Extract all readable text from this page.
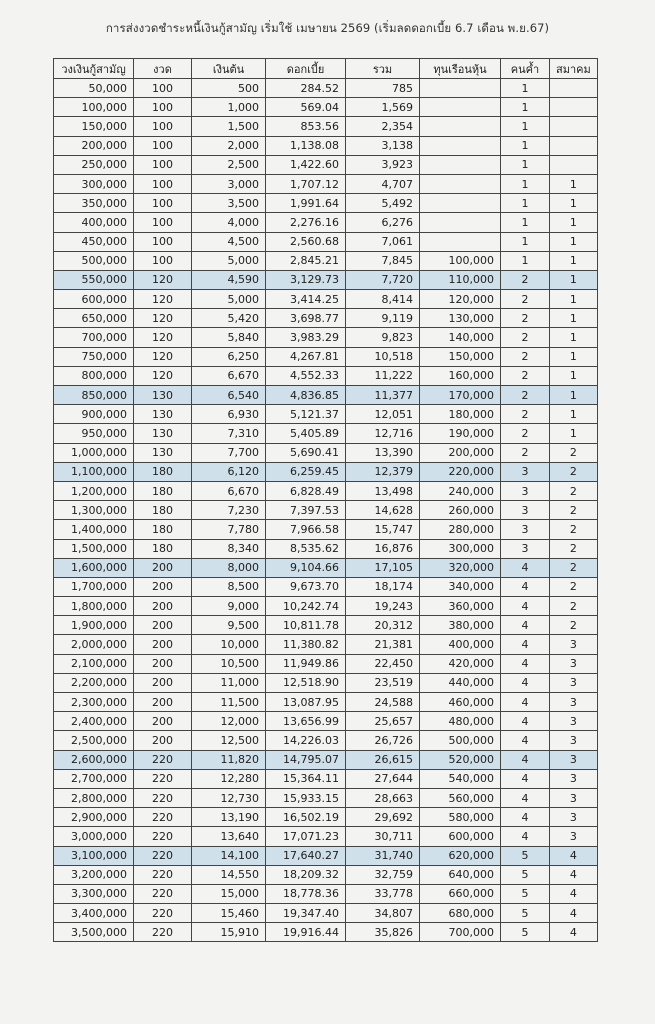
การส่งงวดชำระหนี้เงินกู้สามัญ เริ่มใช้ เมษายน 2569 (เริ่มลดดอกเบี้ย 6.7 เดือน พ.ย.67)
วงเงินกู้สามัญ	งวด	เงินต้น	ดอกเบี้ย	รวม	ทุนเรือนหุ้น	คนค้ำ	สมาคม
50,000	100	500	284.52	785		1	
100,000	100	1,000	569.04	1,569		1	
150,000	100	1,500	853.56	2,354		1	
200,000	100	2,000	1,138.08	3,138		1	
250,000	100	2,500	1,422.60	3,923		1	
300,000	100	3,000	1,707.12	4,707		1	1
350,000	100	3,500	1,991.64	5,492		1	1
400,000	100	4,000	2,276.16	6,276		1	1
450,000	100	4,500	2,560.68	7,061		1	1
500,000	100	5,000	2,845.21	7,845	100,000	1	1
550,000	120	4,590	3,129.73	7,720	110,000	2	1
600,000	120	5,000	3,414.25	8,414	120,000	2	1
650,000	120	5,420	3,698.77	9,119	130,000	2	1
700,000	120	5,840	3,983.29	9,823	140,000	2	1
750,000	120	6,250	4,267.81	10,518	150,000	2	1
800,000	120	6,670	4,552.33	11,222	160,000	2	1
850,000	130	6,540	4,836.85	11,377	170,000	2	1
900,000	130	6,930	5,121.37	12,051	180,000	2	1
950,000	130	7,310	5,405.89	12,716	190,000	2	1
1,000,000	130	7,700	5,690.41	13,390	200,000	2	2
1,100,000	180	6,120	6,259.45	12,379	220,000	3	2
1,200,000	180	6,670	6,828.49	13,498	240,000	3	2
1,300,000	180	7,230	7,397.53	14,628	260,000	3	2
1,400,000	180	7,780	7,966.58	15,747	280,000	3	2
1,500,000	180	8,340	8,535.62	16,876	300,000	3	2
1,600,000	200	8,000	9,104.66	17,105	320,000	4	2
1,700,000	200	8,500	9,673.70	18,174	340,000	4	2
1,800,000	200	9,000	10,242.74	19,243	360,000	4	2
1,900,000	200	9,500	10,811.78	20,312	380,000	4	2
2,000,000	200	10,000	11,380.82	21,381	400,000	4	3
2,100,000	200	10,500	11,949.86	22,450	420,000	4	3
2,200,000	200	11,000	12,518.90	23,519	440,000	4	3
2,300,000	200	11,500	13,087.95	24,588	460,000	4	3
2,400,000	200	12,000	13,656.99	25,657	480,000	4	3
2,500,000	200	12,500	14,226.03	26,726	500,000	4	3
2,600,000	220	11,820	14,795.07	26,615	520,000	4	3
2,700,000	220	12,280	15,364.11	27,644	540,000	4	3
2,800,000	220	12,730	15,933.15	28,663	560,000	4	3
2,900,000	220	13,190	16,502.19	29,692	580,000	4	3
3,000,000	220	13,640	17,071.23	30,711	600,000	4	3
3,100,000	220	14,100	17,640.27	31,740	620,000	5	4
3,200,000	220	14,550	18,209.32	32,759	640,000	5	4
3,300,000	220	15,000	18,778.36	33,778	660,000	5	4
3,400,000	220	15,460	19,347.40	34,807	680,000	5	4
3,500,000	220	15,910	19,916.44	35,826	700,000	5	4
